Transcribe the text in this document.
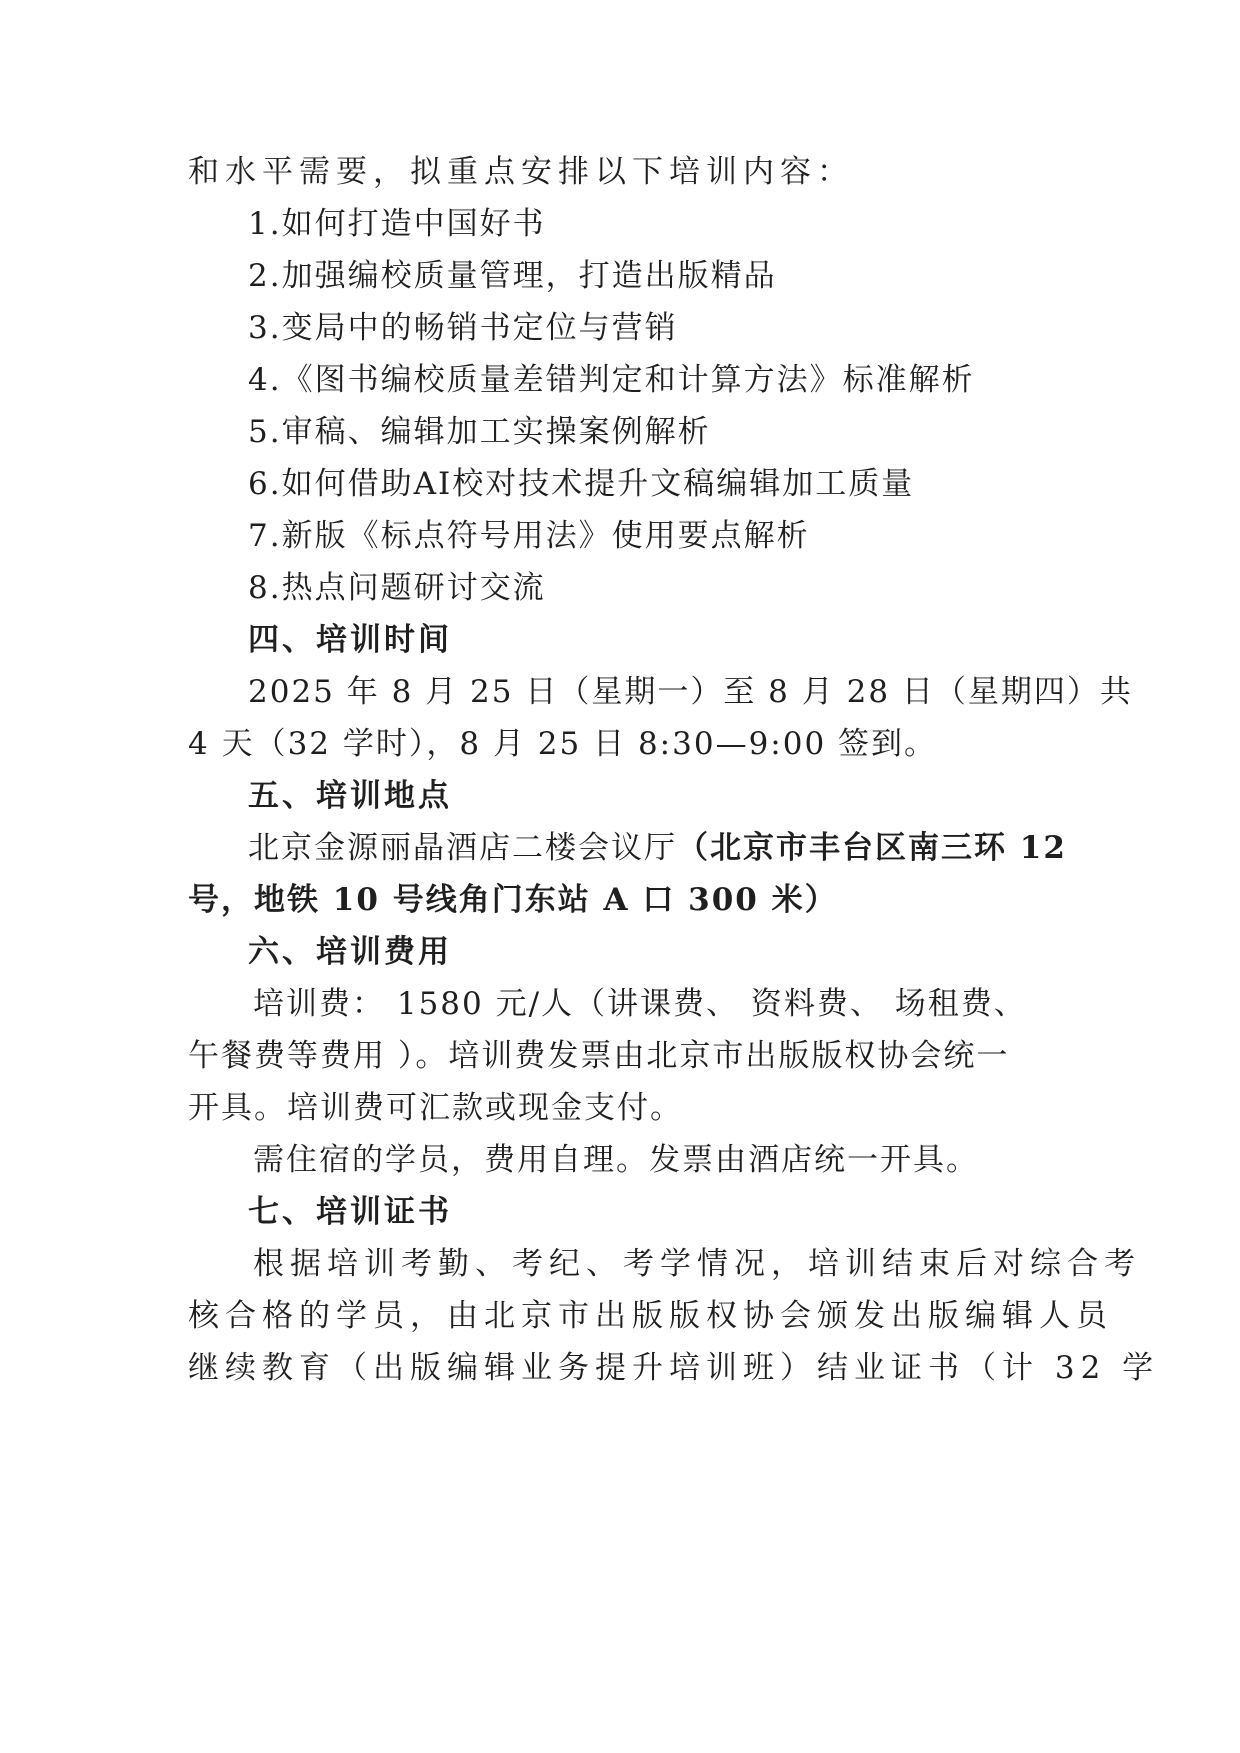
和水平需要，拟重点安排以下培训内容：
1.如何打造中国好书
2.加强编校质量管理，打造出版精品
3.变局中的畅销书定位与营销
4.《图书编校质量差错判定和计算方法》标准解析
5.审稿、编辑加工实操案例解析
6.如何借助AI校对技术提升文稿编辑加工质量
7.新版《标点符号用法》使用要点解析
8.热点问题研讨交流
四、培训时间
2025 年 8 月 25 日（星期一）至 8 月 28 日（星期四）共
4 天（32 学时），8 月 25 日 8:30—9:00 签到。
五、培训地点
北京金源丽晶酒店二楼会议厅（北京市丰台区南三环 12
号，地铁 10 号线角门东站 A 口 300 米）
六、培训费用
培训费： 1580 元/人（讲课费、 资料费、 场租费、
午餐费等费用 ）。培训费发票由北京市出版版权协会统一
开具。培训费可汇款或现金支付。
需住宿的学员，费用自理。发票由酒店统一开具。
七、培训证书
根据培训考勤、考纪、考学情况，培训结束后对综合考
核合格的学员，由北京市出版版权协会颁发出版编辑人员
继续教育（出版编辑业务提升培训班）结业证书（计 32 学
